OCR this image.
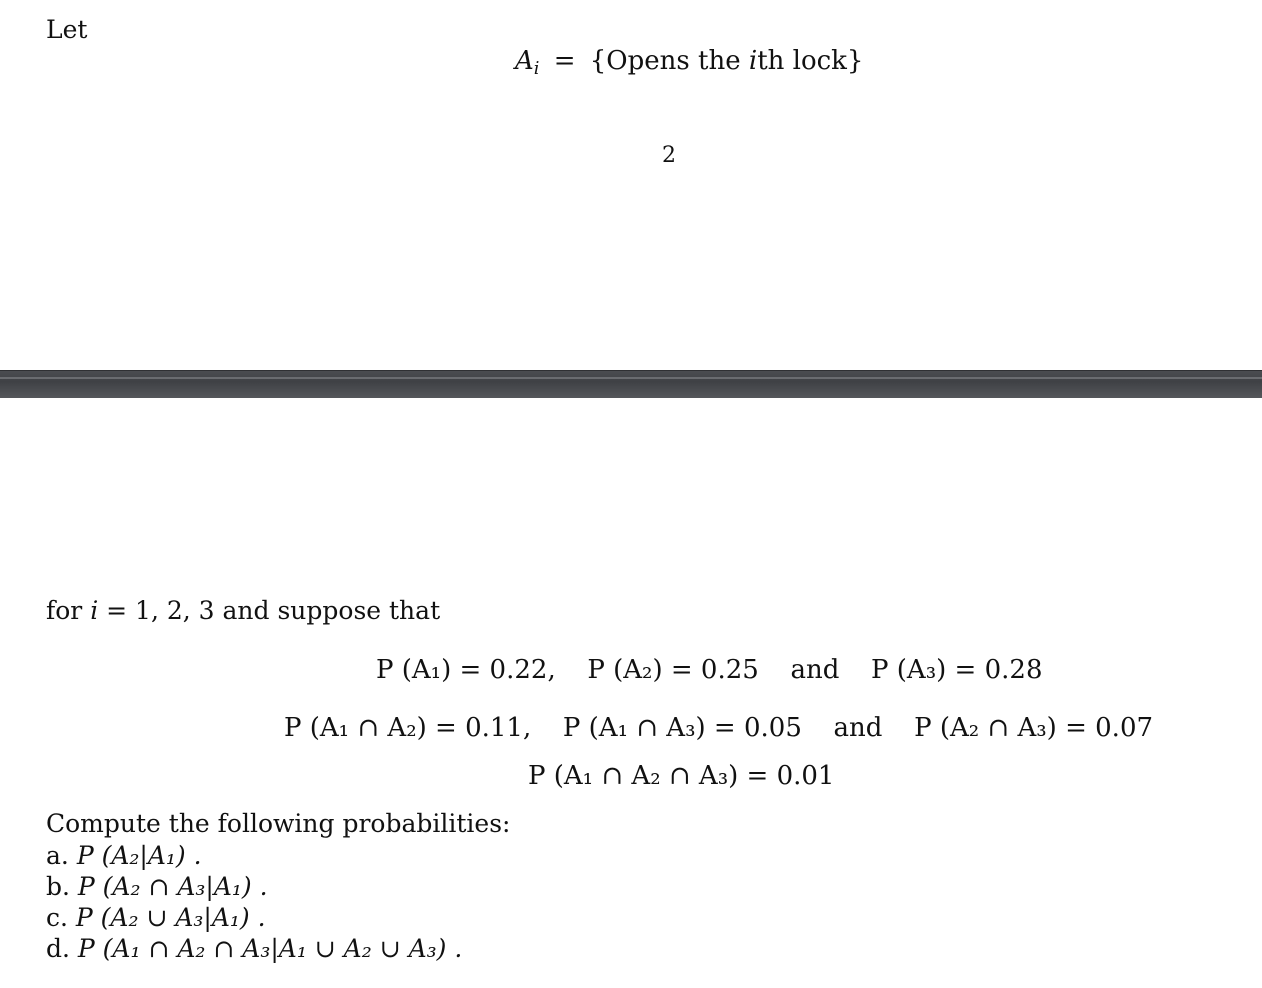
Let
Ai = {Opens the ith lock}
2
for i = 1, 2, 3 and suppose that
P (A₁) = 0.22, P (A₂) = 0.25 and P (A₃) = 0.28
P (A₁ ∩ A₂) = 0.11, P (A₁ ∩ A₃) = 0.05 and P (A₂ ∩ A₃) = 0.07
P (A₁ ∩ A₂ ∩ A₃) = 0.01
Compute the following probabilities:
a. P (A₂|A₁) .
b. P (A₂ ∩ A₃|A₁) .
c. P (A₂ ∪ A₃|A₁) .
d. P (A₁ ∩ A₂ ∩ A₃|A₁ ∪ A₂ ∪ A₃) .
